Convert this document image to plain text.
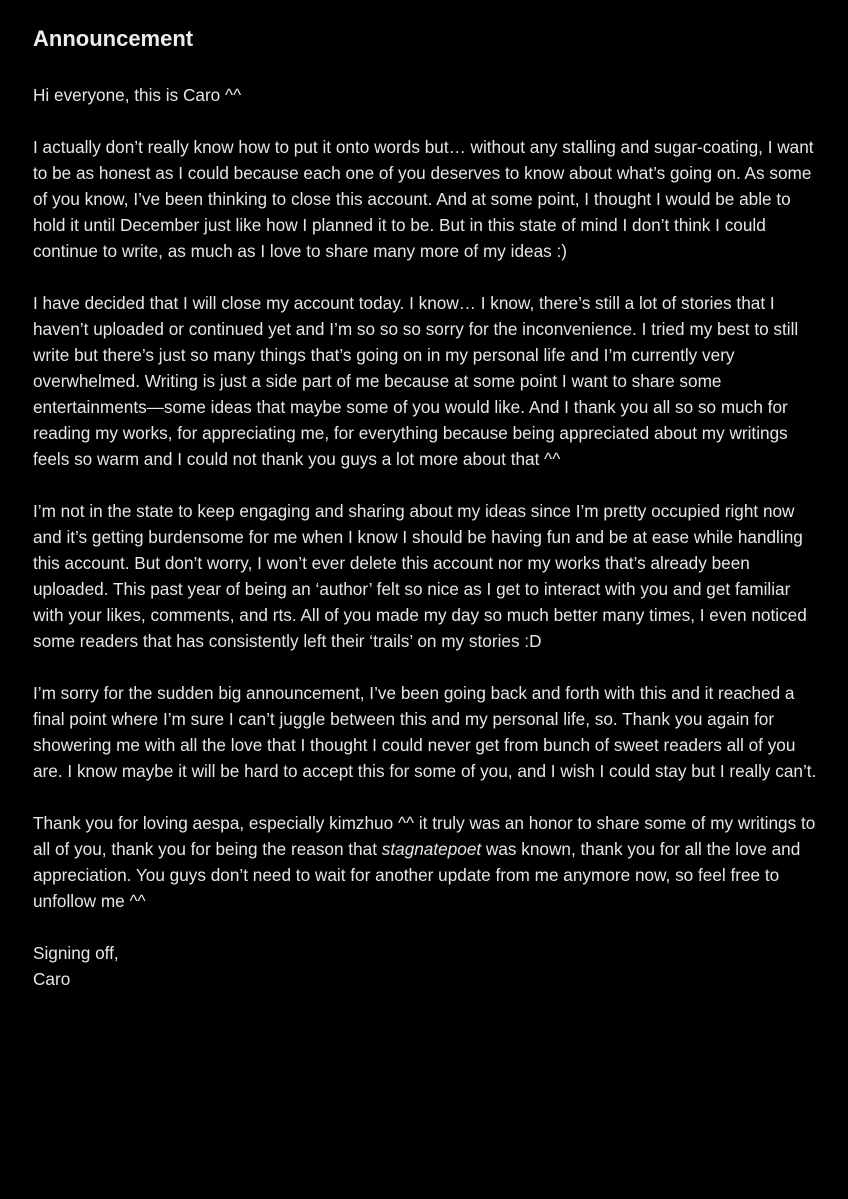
Announcement

Hi everyone, this is Caro ^^

I actually don’t really know how to put it onto words but… without any stalling and sugar-coating, I want to be as honest as I could because each one of you deserves to know about what’s going on. As some of you know, I’ve been thinking to close this account. And at some point, I thought I would be able to hold it until December just like how I planned it to be. But in this state of mind I don’t think I could continue to write, as much as I love to share many more of my ideas :)

I have decided that I will close my account today. I know… I know, there’s still a lot of stories that I haven’t uploaded or continued yet and I’m so so so sorry for the inconvenience. I tried my best to still write but there’s just so many things that’s going on in my personal life and I’m currently very overwhelmed. Writing is just a side part of me because at some point I want to share some entertainments—some ideas that maybe some of you would like. And I thank you all so so much for reading my works, for appreciating me, for everything because being appreciated about my writings feels so warm and I could not thank you guys a lot more about that ^^

I’m not in the state to keep engaging and sharing about my ideas since I’m pretty occupied right now and it’s getting burdensome for me when I know I should be having fun and be at ease while handling this account. But don’t worry, I won’t ever delete this account nor my works that’s already been uploaded. This past year of being an ‘author’ felt so nice as I get to interact with you and get familiar with your likes, comments, and rts. All of you made my day so much better many times, I even noticed some readers that has consistently left their ‘trails’ on my stories :D

I’m sorry for the sudden big announcement, I’ve been going back and forth with this and it reached a final point where I’m sure I can’t juggle between this and my personal life, so. Thank you again for showering me with all the love that I thought I could never get from bunch of sweet readers all of you are. I know maybe it will be hard to accept this for some of you, and I wish I could stay but I really can’t.

Thank you for loving aespa, especially kimzhuo ^^ it truly was an honor to share some of my writings to all of you, thank you for being the reason that stagnatepoet was known, thank you for all the love and appreciation. You guys don’t need to wait for another update from me anymore now, so feel free to unfollow me ^^

Signing off,

Caro
